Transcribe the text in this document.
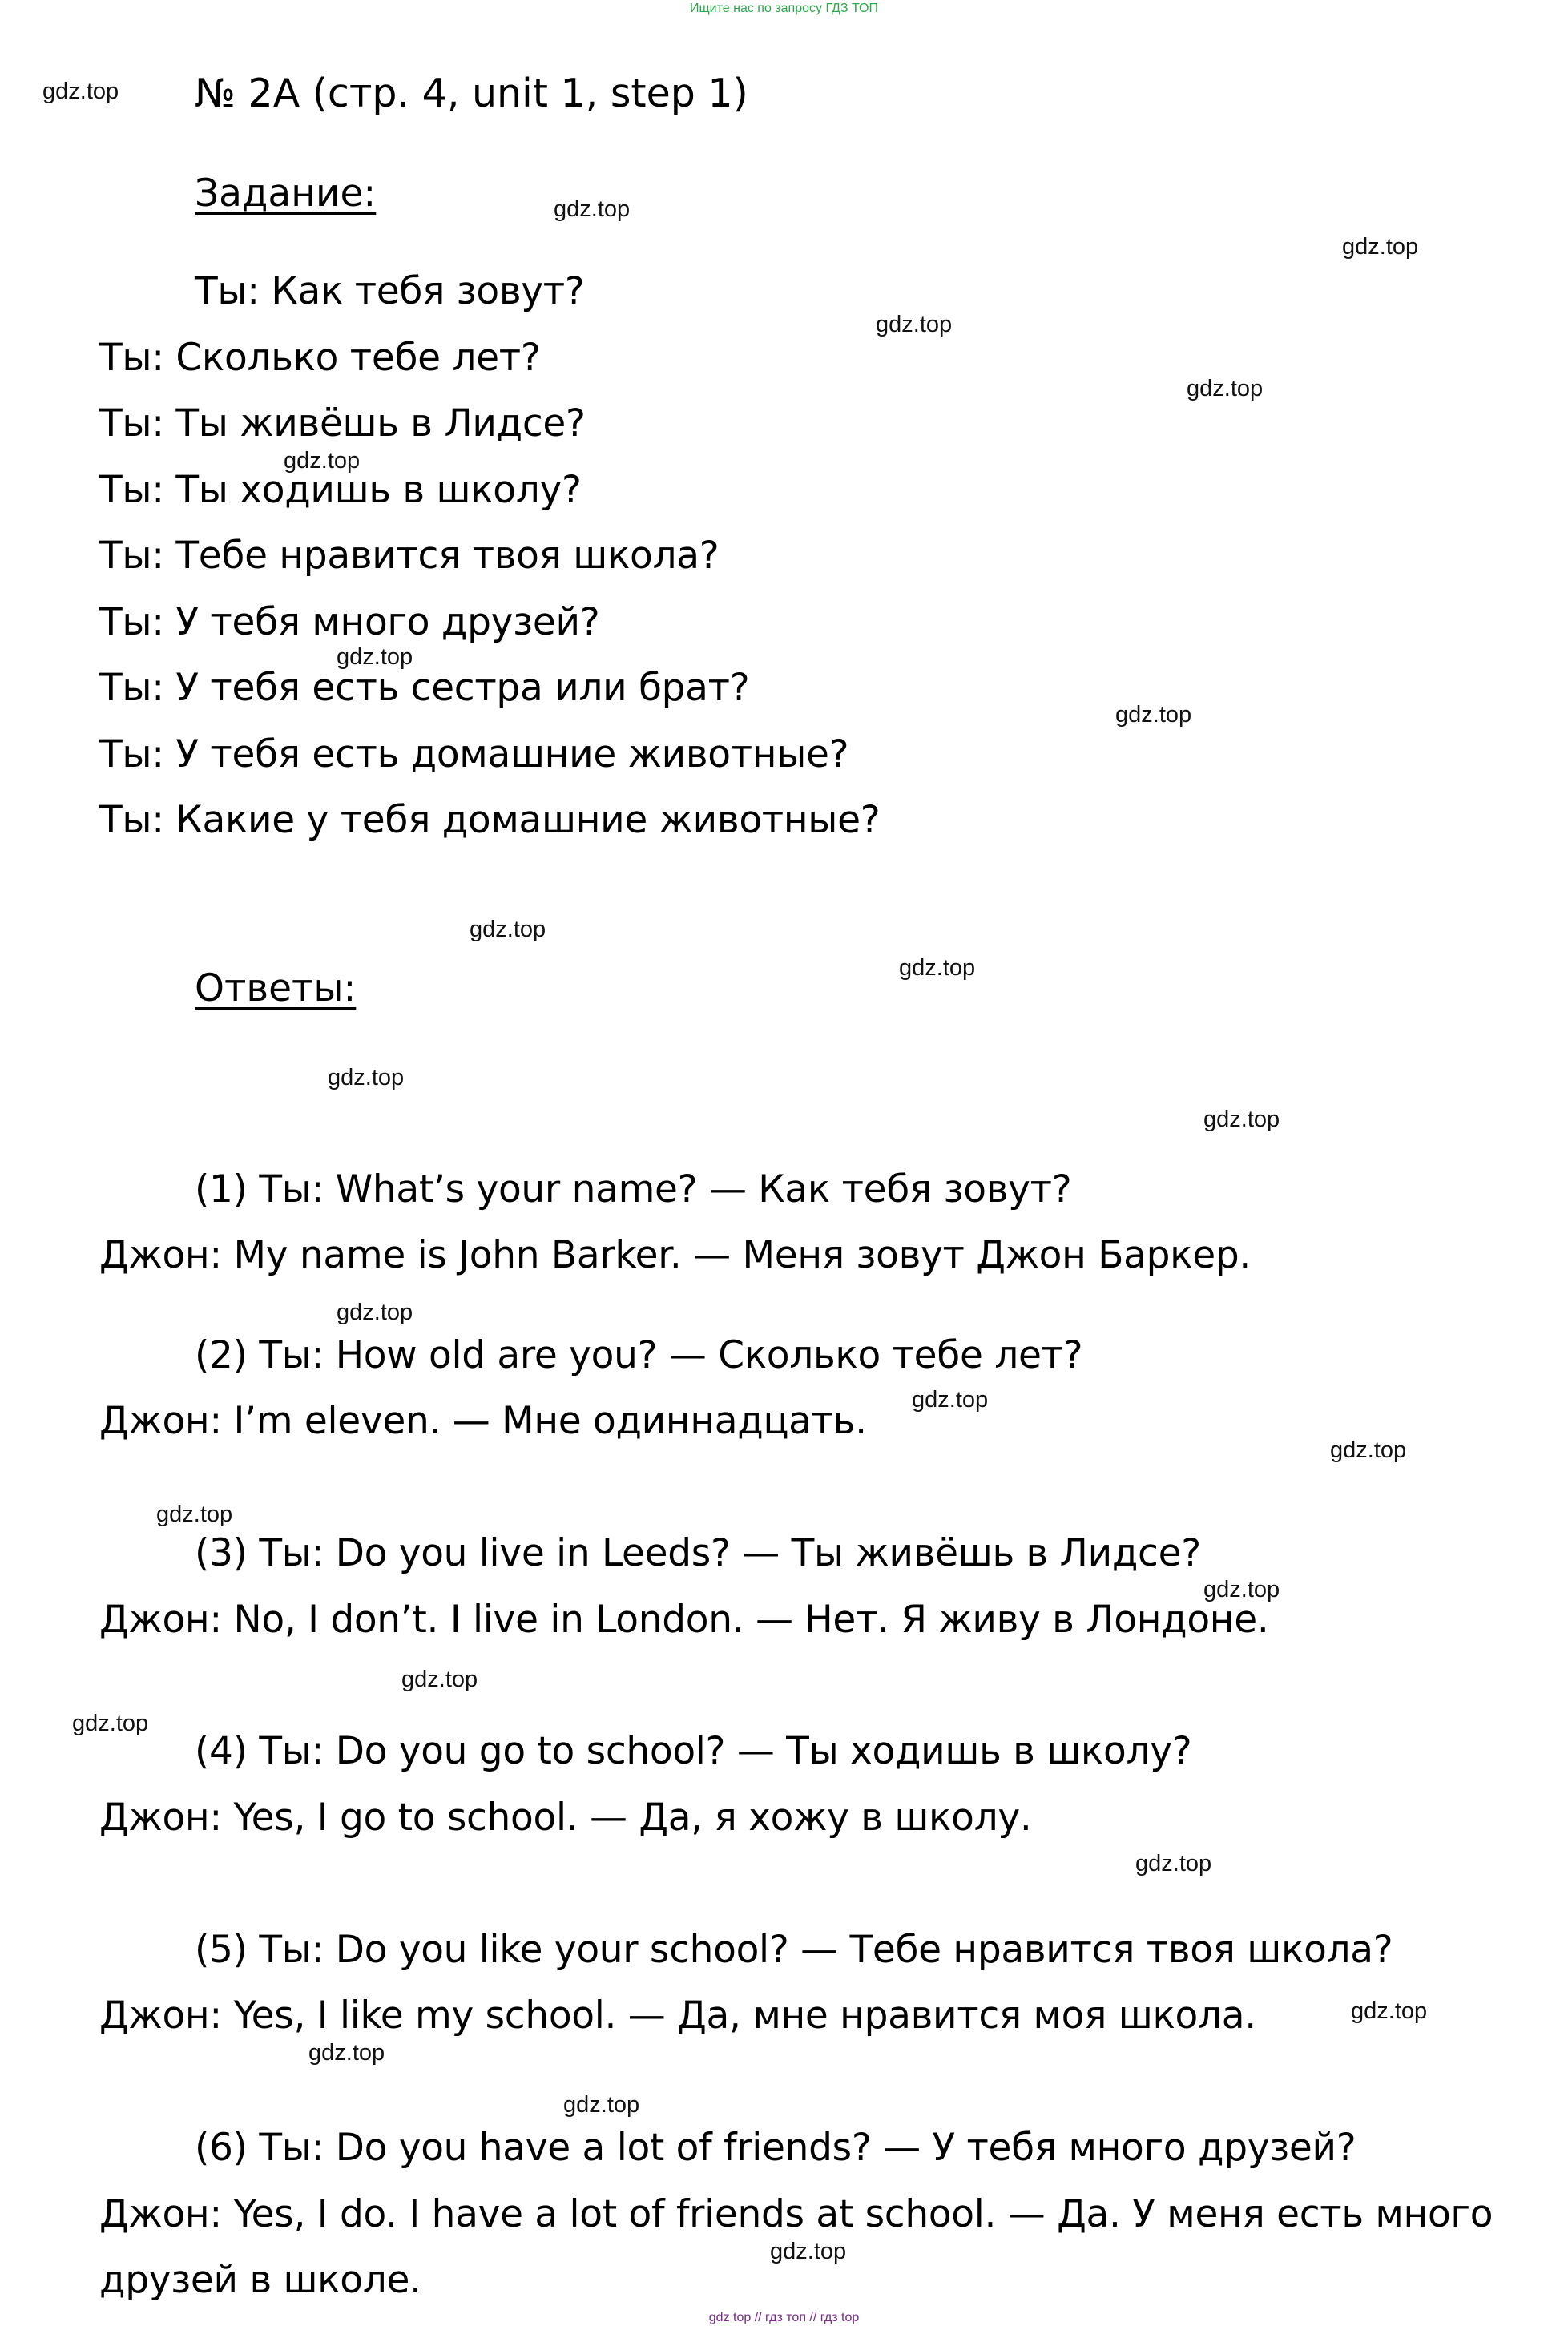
Ищите нас по запросу ГДЗ ТОП
gdz.top
gdz.top
gdz.top
gdz.top
gdz.top
gdz.top
gdz.top
gdz.top
gdz.top
gdz.top
gdz.top
gdz.top
gdz.top
gdz.top
gdz.top
gdz.top
gdz.top
gdz.top
gdz.top
gdz.top
gdz.top
gdz.top
gdz.top
gdz.top
№ 2A (стр. 4, unit 1, step 1)
Задание:
Ты: Как тебя зовут?
Ты: Сколько тебе лет?
Ты: Ты живёшь в Лидсе?
Ты: Ты ходишь в школу?
Ты: Тебе нравится твоя школа?
Ты: У тебя много друзей?
Ты: У тебя есть сестра или брат?
Ты: У тебя есть домашние животные?
Ты: Какие у тебя домашние животные?
Ответы:
(1) Ты: What’s your name? — Как тебя зовут?
Джон: My name is John Barker. — Меня зовут Джон Баркер.
(2) Ты: How old are you? — Сколько тебе лет?
Джон: I’m eleven. — Мне одиннадцать.
(3) Ты: Do you live in Leeds? — Ты живёшь в Лидсе?
Джон: No, I don’t. I live in London. — Нет. Я живу в Лондоне.
(4) Ты: Do you go to school? — Ты ходишь в школу?
Джон: Yes, I go to school. — Да, я хожу в школу.
(5) Ты: Do you like your school? — Тебе нравится твоя школа?
Джон: Yes, I like my school. — Да, мне нравится моя школа.
(6) Ты: Do you have a lot of friends? — У тебя много друзей?
Джон: Yes, I do. I have a lot of friends at school. — Да. У меня есть много
друзей в школе.
gdz top // гдз топ // гдз top
